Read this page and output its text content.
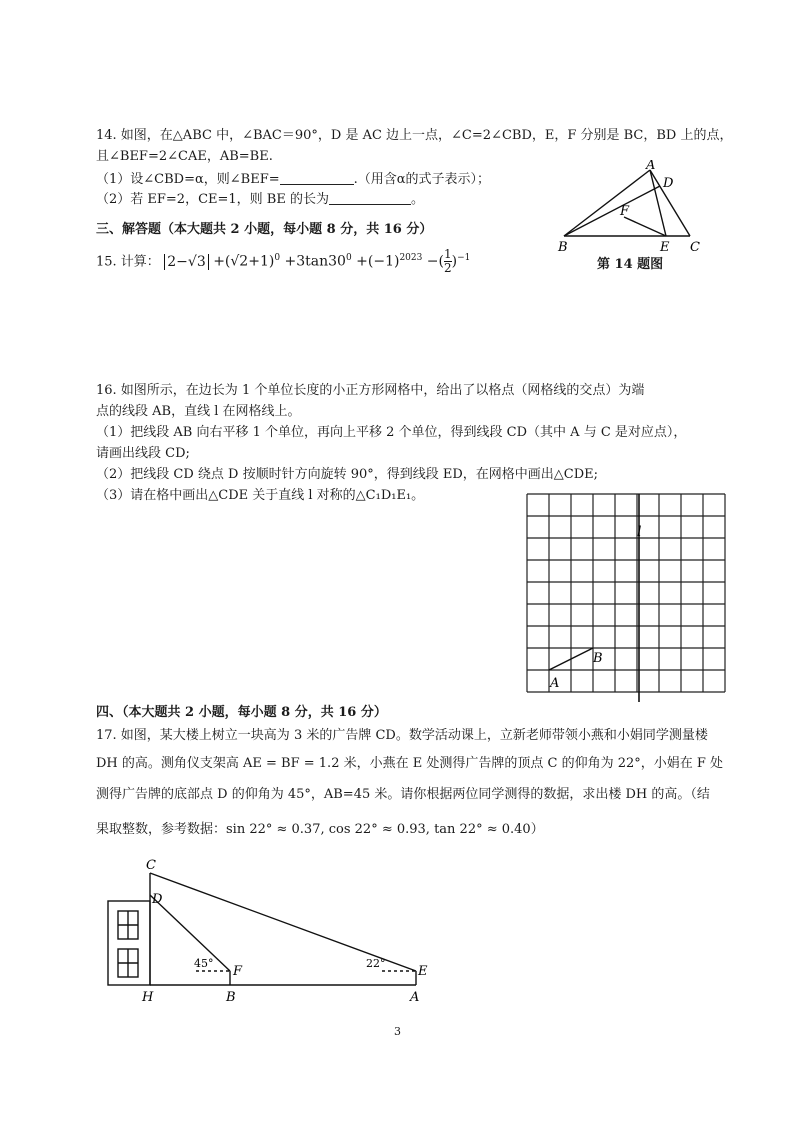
14. 如图，在△ABC 中，∠BAC＝90°，D 是 AC 边上一点，∠C=2∠CBD，E，F 分别是 BC，BD 上的点，
且∠BEF=2∠CAE，AB=BE.
（1）设∠CBD=α，则∠BEF=	.（用含α的式子表示）；
（2）若 EF=2，CE=1，则 BE 的长为	。
A
D
F
B	E C
第 14 题图
三、解答题（本大题共 2 小题，每小题 8 分，共 16 分）
15. 计算： $2-√3 +(√2+1)^0 +3\tan 30^0 +(-1)^{2023}$ −( $\frac{1}{2} )^{-1}$
16. 如图所示，在边长为 1 个单位长度的小正方形网格中，给出了以格点（网格线的交点）为端
点的线段 AB，直线 l 在网格线上。
（1）把线段 AB 向右平移 1 个单位，再向上平移 2 个单位，得到线段 CD（其中 A 与 C 是对应点），
请画出线段 CD;
（2）把线段 CD 绕点 D 按顺时针方向旋转 90°，得到线段 ED，在网格中画出△CDE;
（3）请在格中画出△CDE 关于直线 l 对称的△C₁D₁E₁。
l
A
B
四、（本大题共 2 小题，每小题 8 分，共 16 分）
17. 如图，某大楼上树立一块高为 3 米的广告牌 CD。数学活动课上，立新老师带领小燕和小娟同学测量楼
DH 的高。测角仪支架高 AE = BF = 1.2 米，小燕在 E 处测得广告牌的顶点 C 的仰角为 22°，小娟在 F 处
测得广告牌的底部点 D 的仰角为 45°，AB=45 米。请你根据两位同学测得的数据，求出楼 DH 的高。（结
果取整数，参考数据：sin 22° ≈ 0.37, cos 22° ≈ 0.93, tan 22° ≈ 0.40）
C
D
H	B
F
A
E
45°	22°
3
